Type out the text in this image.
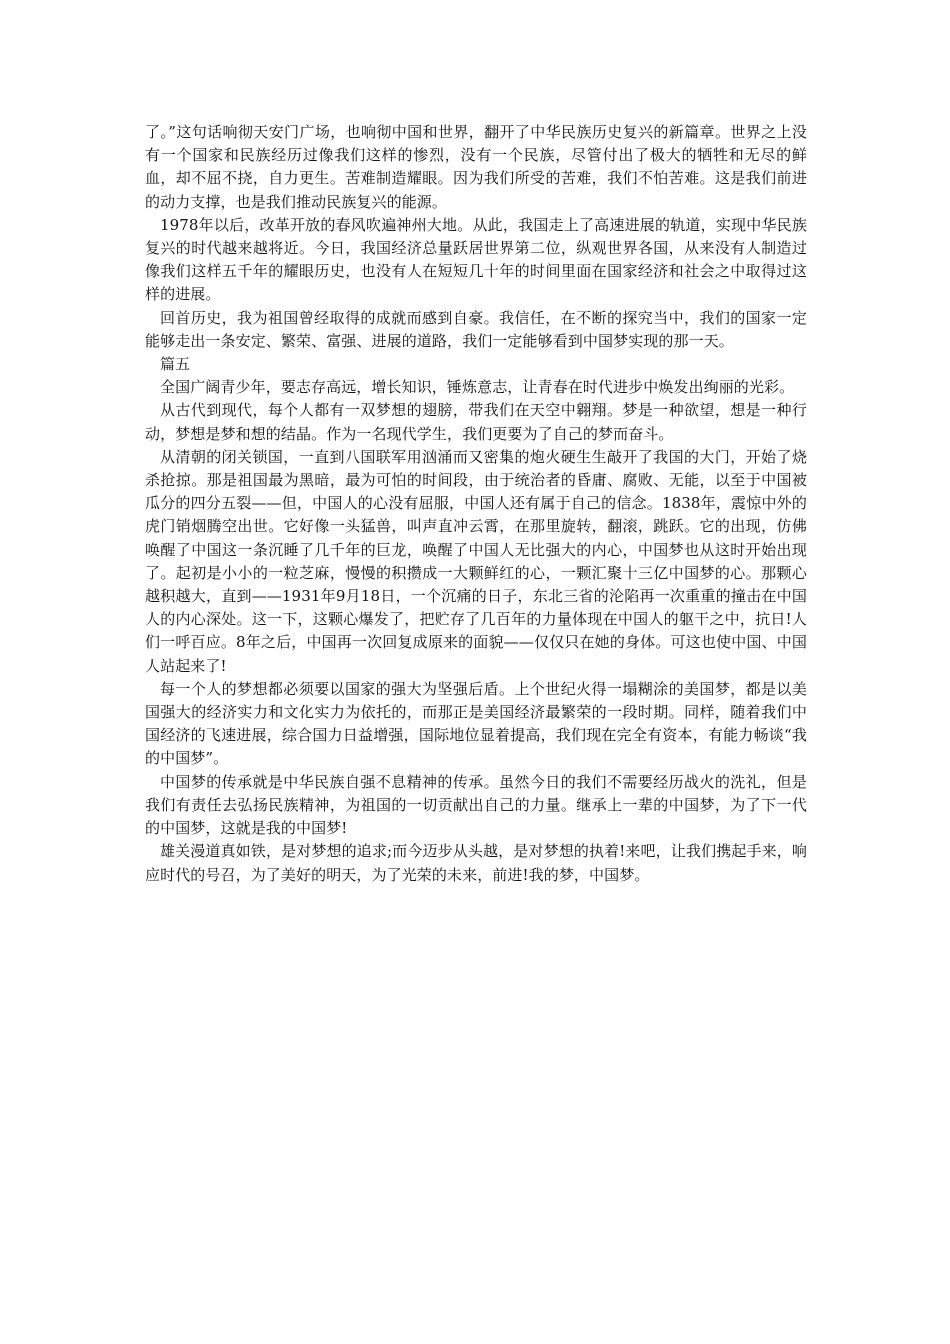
了。”这句话响彻天安门广场，也响彻中国和世界，翻开了中华民族历史复兴的新篇章。世界之上没有一个国家和民族经历过像我们这样的惨烈，没有一个民族，尽管付出了极大的牺牲和无尽的鲜血，却不屈不挠，自力更生。苦难制造耀眼。因为我们所受的苦难，我们不怕苦难。这是我们前进的动力支撑，也是我们推动民族复兴的能源。

1978年以后，改革开放的春风吹遍神州大地。从此，我国走上了高速进展的轨道，实现中华民族复兴的时代越来越将近。今日，我国经济总量跃居世界第二位，纵观世界各国，从来没有人制造过像我们这样五千年的耀眼历史，也没有人在短短几十年的时间里面在国家经济和社会之中取得过这样的进展。

回首历史，我为祖国曾经取得的成就而感到自豪。我信任，在不断的探究当中，我们的国家一定能够走出一条安定、繁荣、富强、进展的道路，我们一定能够看到中国梦实现的那一天。

篇五

全国广阔青少年，要志存高远，增长知识，锤炼意志，让青春在时代进步中焕发出绚丽的光彩。

从古代到现代，每个人都有一双梦想的翅膀，带我们在天空中翱翔。梦是一种欲望，想是一种行动，梦想是梦和想的结晶。作为一名现代学生，我们更要为了自己的梦而奋斗。

从清朝的闭关锁国，一直到八国联军用汹涌而又密集的炮火硬生生敲开了我国的大门，开始了烧杀抢掠。那是祖国最为黑暗，最为可怕的时间段，由于统治者的昏庸、腐败、无能，以至于中国被瓜分的四分五裂——但，中国人的心没有屈服，中国人还有属于自己的信念。1838年，震惊中外的虎门销烟腾空出世。它好像一头猛兽，叫声直冲云霄，在那里旋转，翻滚，跳跃。它的出现，仿佛唤醒了中国这一条沉睡了几千年的巨龙，唤醒了中国人无比强大的内心，中国梦也从这时开始出现了。起初是小小的一粒芝麻，慢慢的积攒成一大颗鲜红的心，一颗汇聚十三亿中国梦的心。那颗心越积越大，直到——1931年9月18日，一个沉痛的日子，东北三省的沦陷再一次重重的撞击在中国人的内心深处。这一下，这颗心爆发了，把贮存了几百年的力量体现在中国人的躯干之中，抗日!人们一呼百应。8年之后，中国再一次回复成原来的面貌——仅仅只在她的身体。可这也使中国、中国人站起来了!

每一个人的梦想都必须要以国家的强大为坚强后盾。上个世纪火得一塌糊涂的美国梦，都是以美国强大的经济实力和文化实力为依托的，而那正是美国经济最繁荣的一段时期。同样，随着我们中国经济的飞速进展，综合国力日益增强，国际地位显着提高，我们现在完全有资本，有能力畅谈“我的中国梦”。

中国梦的传承就是中华民族自强不息精神的传承。虽然今日的我们不需要经历战火的洗礼，但是我们有责任去弘扬民族精神，为祖国的一切贡献出自己的力量。继承上一辈的中国梦，为了下一代的中国梦，这就是我的中国梦!

雄关漫道真如铁，是对梦想的追求;而今迈步从头越，是对梦想的执着!来吧，让我们携起手来，响应时代的号召，为了美好的明天，为了光荣的未来，前进!我的梦，中国梦。
